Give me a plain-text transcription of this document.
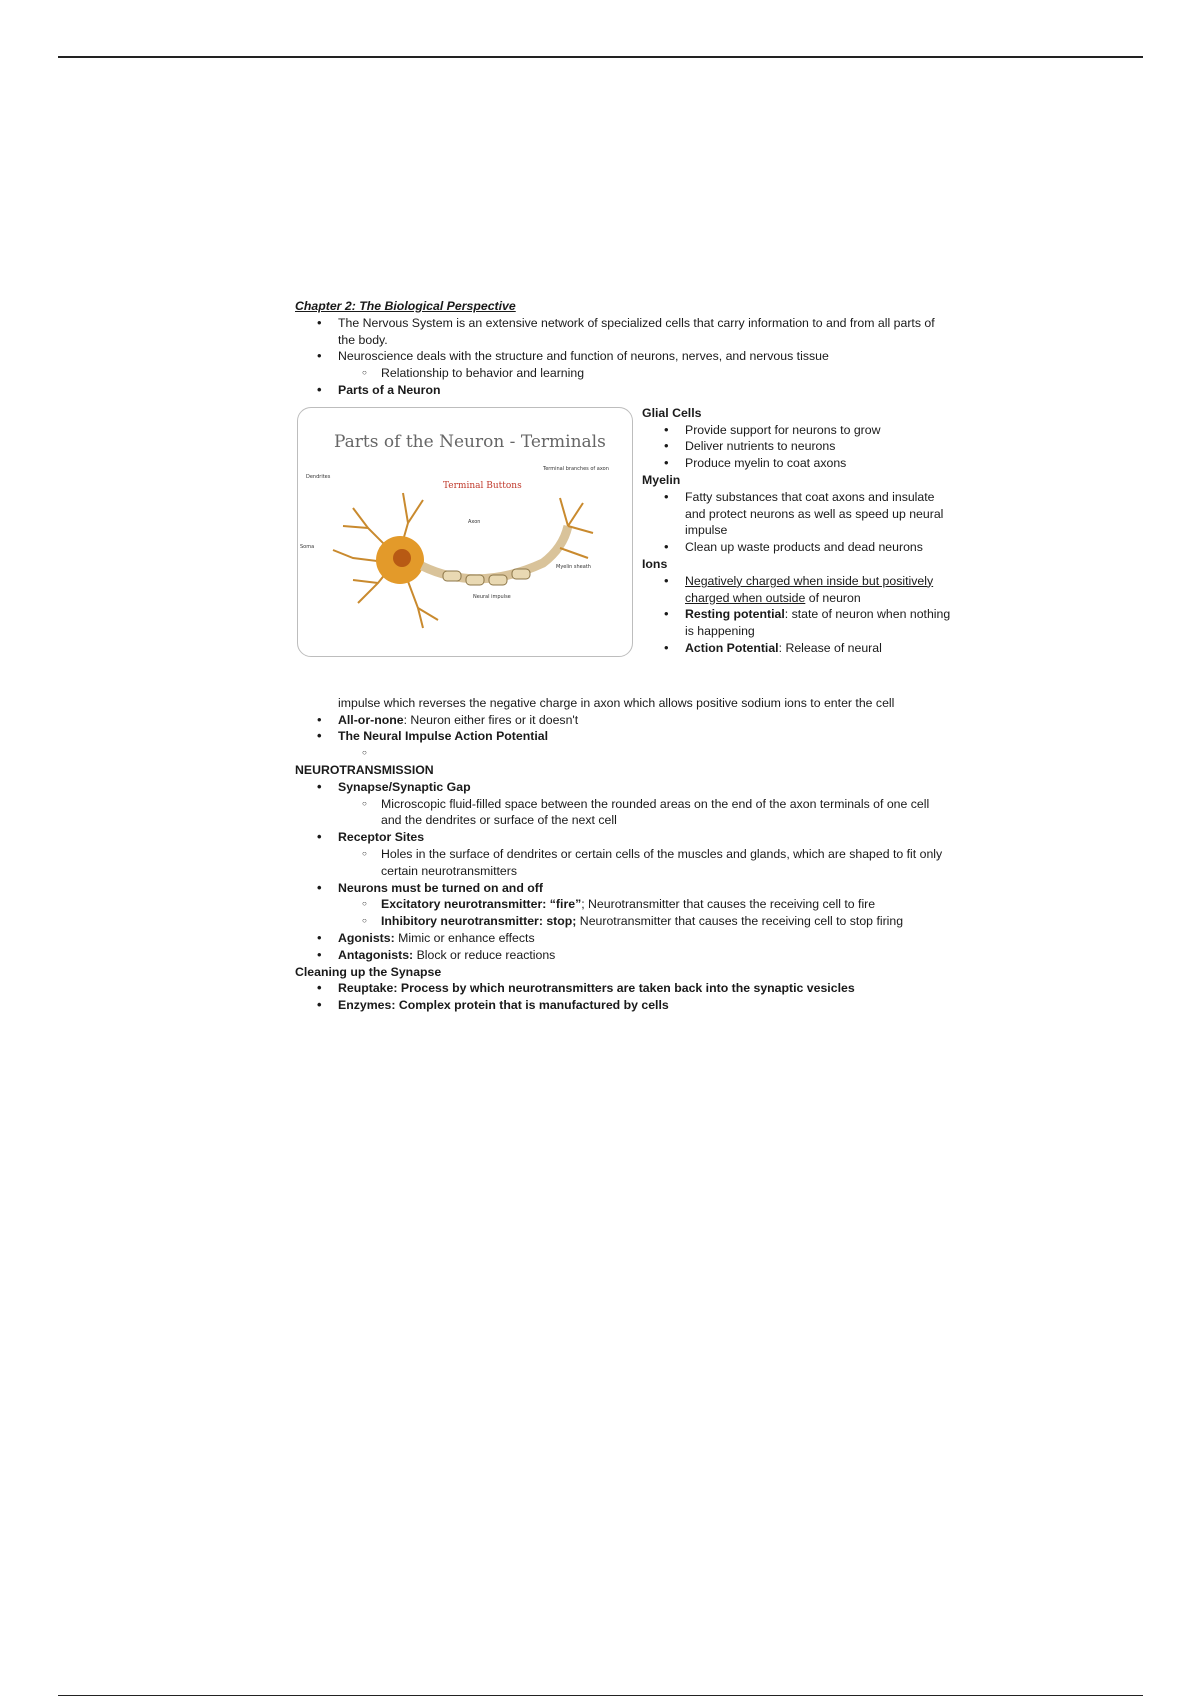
Chapter 2: The Biological Perspective
• The Nervous System is an extensive network of specialized cells that carry information to and from all parts of the body.
• Neuroscience deals with the structure and function of neurons, nerves, and nervous tissue
○ Relationship to behavior and learning
• Parts of a Neuron
Parts of the Neuron - Terminals
Terminal Buttons
Dendrites
Soma
Axon
Myelin sheath
Neural impulse
Terminal branches of axon
Glial Cells
• Provide support for neurons to grow
• Deliver nutrients to neurons
• Produce myelin to coat axons
Myelin
• Fatty substances that coat axons and insulate and protect neurons as well as speed up neural impulse
• Clean up waste products and dead neurons
Ions
• Negatively charged when inside but positively charged when outside of neuron
• Resting potential: state of neuron when nothing is happening
• Action Potential: Release of neural
impulse which reverses the negative charge in axon which allows positive sodium ions to enter the cell
• All-or-none: Neuron either fires or it doesn't
• The Neural Impulse Action Potential
○
NEUROTRANSMISSION
• Synapse/Synaptic Gap
○ Microscopic fluid-filled space between the rounded areas on the end of the axon terminals of one cell and the dendrites or surface of the next cell
• Receptor Sites
○ Holes in the surface of dendrites or certain cells of the muscles and glands, which are shaped to fit only certain neurotransmitters
• Neurons must be turned on and off
○ Excitatory neurotransmitter: “fire”; Neurotransmitter that causes the receiving cell to fire
○ Inhibitory neurotransmitter: stop; Neurotransmitter that causes the receiving cell to stop firing
• Agonists: Mimic or enhance effects
• Antagonists: Block or reduce reactions
Cleaning up the Synapse
• Reuptake: Process by which neurotransmitters are taken back into the synaptic vesicles
• Enzymes: Complex protein that is manufactured by cells
